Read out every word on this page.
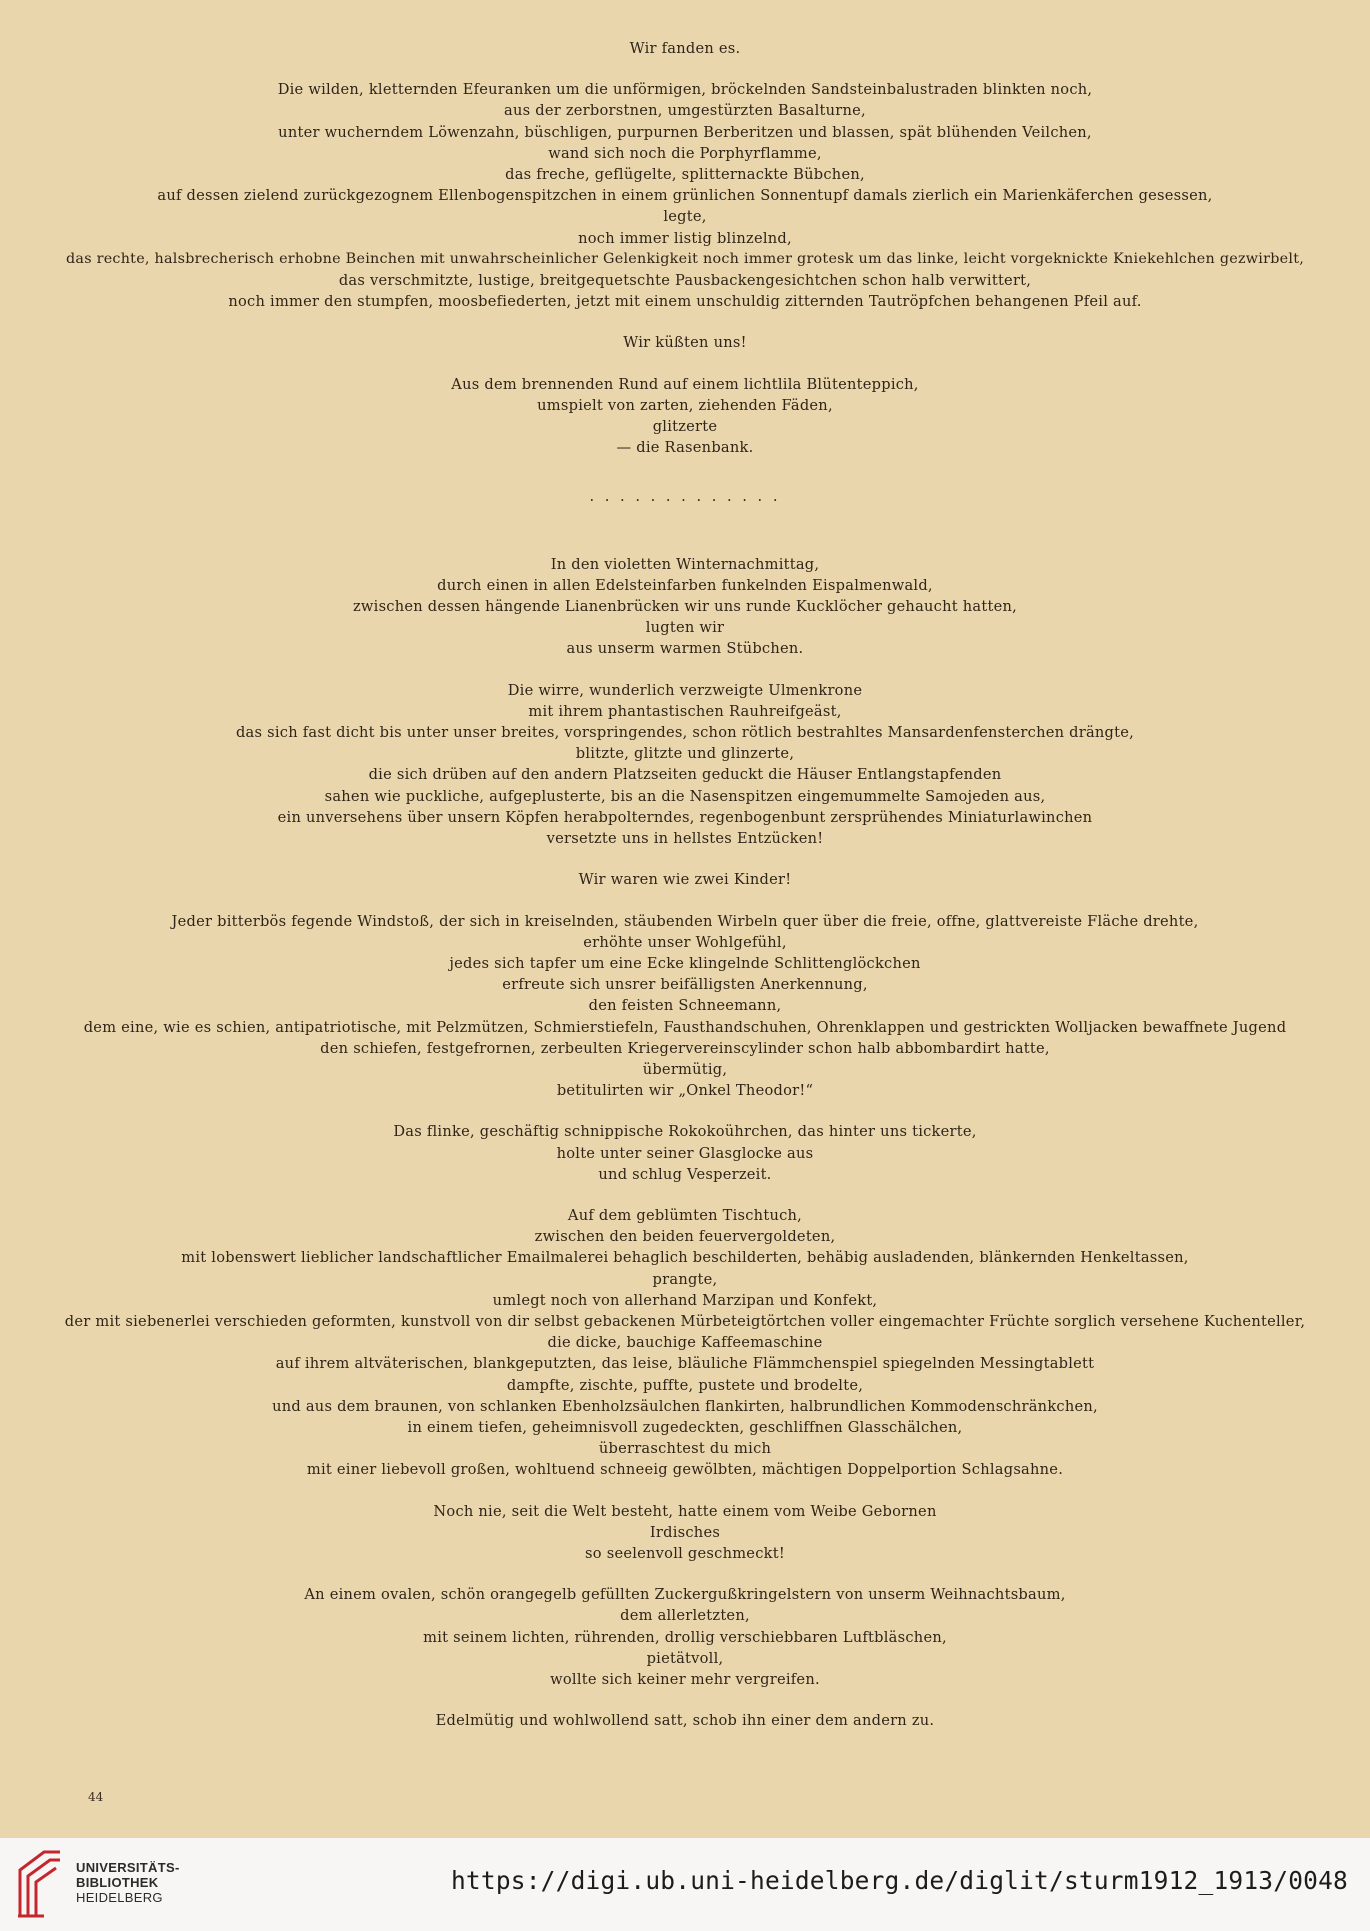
Wir fanden es.
Die wilden, kletternden Efeuranken um die unförmigen, bröckelnden Sandsteinbalustraden blinkten noch,
aus der zerborstnen, umgestürzten Basalturne,
unter wucherndem Löwenzahn, büschligen, purpurnen Berberitzen und blassen, spät blühenden Veilchen,
wand sich noch die Porphyrflamme,
das freche, geflügelte, splitternackte Bübchen,
auf dessen zielend zurückgezognem Ellenbogenspitzchen in einem grünlichen Sonnentupf damals zierlich ein Marienkäferchen gesessen,
legte,
noch immer listig blinzelnd,
das rechte, halsbrecherisch erhobne Beinchen mit unwahrscheinlicher Gelenkigkeit noch immer grotesk um das linke, leicht vorgeknickte Kniekehlchen gezwirbelt,
das verschmitzte, lustige, breitgequetschte Pausbackengesichtchen schon halb verwittert,
noch immer den stumpfen, moosbefiederten, jetzt mit einem unschuldig zitternden Tautröpfchen behangenen Pfeil auf.
Wir küßten uns!
Aus dem brennenden Rund auf einem lichtlila Blütenteppich,
umspielt von zarten, ziehenden Fäden,
glitzerte
— die Rasenbank.
. . . . . . . . . . . . .
In den violetten Winternachmittag,
durch einen in allen Edelsteinfarben funkelnden Eispalmenwald,
zwischen dessen hängende Lianenbrücken wir uns runde Kucklöcher gehaucht hatten,
lugten wir
aus unserm warmen Stübchen.
Die wirre, wunderlich verzweigte Ulmenkrone
mit ihrem phantastischen Rauhreifgeäst,
das sich fast dicht bis unter unser breites, vorspringendes, schon rötlich bestrahltes Mansardenfensterchen drängte,
blitzte, glitzte und glinzerte,
die sich drüben auf den andern Platzseiten geduckt die Häuser Entlangstapfenden
sahen wie puckliche, aufgeplusterte, bis an die Nasenspitzen eingemummelte Samojeden aus,
ein unversehens über unsern Köpfen herabpolterndes, regenbogenbunt zersprühendes Miniaturlawinchen
versetzte uns in hellstes Entzücken!
Wir waren wie zwei Kinder!
Jeder bitterbös fegende Windstoß, der sich in kreiselnden, stäubenden Wirbeln quer über die freie, offne, glattvereiste Fläche drehte,
erhöhte unser Wohlgefühl,
jedes sich tapfer um eine Ecke klingelnde Schlittenglöckchen
erfreute sich unsrer beifälligsten Anerkennung,
den feisten Schneemann,
dem eine, wie es schien, antipatriotische, mit Pelzmützen, Schmierstiefeln, Fausthandschuhen, Ohrenklappen und gestrickten Wolljacken bewaffnete Jugend
den schiefen, festgefrornen, zerbeulten Kriegervereinscylinder schon halb abbombardirt hatte,
übermütig,
betitulirten wir „Onkel Theodor!“
Das flinke, geschäftig schnippische Rokokoührchen, das hinter uns tickerte,
holte unter seiner Glasglocke aus
und schlug Vesperzeit.
Auf dem geblümten Tischtuch,
zwischen den beiden feuervergoldeten,
mit lobenswert lieblicher landschaftlicher Emailmalerei behaglich beschilderten, behäbig ausladenden, blänkernden Henkeltassen,
prangte,
umlegt noch von allerhand Marzipan und Konfekt,
der mit siebenerlei verschieden geformten, kunstvoll von dir selbst gebackenen Mürbeteigtörtchen voller eingemachter Früchte sorglich versehene Kuchenteller,
die dicke, bauchige Kaffeemaschine
auf ihrem altväterischen, blankgeputzten, das leise, bläuliche Flämmchenspiel spiegelnden Messingtablett
dampfte, zischte, puffte, pustete und brodelte,
und aus dem braunen, von schlanken Ebenholzsäulchen flankirten, halbrundlichen Kommodenschränkchen,
in einem tiefen, geheimnisvoll zugedeckten, geschliffnen Glasschälchen,
überraschtest du mich
mit einer liebevoll großen, wohltuend schneeig gewölbten, mächtigen Doppelportion Schlagsahne.
Noch nie, seit die Welt besteht, hatte einem vom Weibe Gebornen
Irdisches
so seelenvoll geschmeckt!
An einem ovalen, schön orangegelb gefüllten Zuckergußkringelstern von unserm Weihnachtsbaum,
dem allerletzten,
mit seinem lichten, rührenden, drollig verschiebbaren Luftbläschen,
pietätvoll,
wollte sich keiner mehr vergreifen.
Edelmütig und wohlwollend satt, schob ihn einer dem andern zu.
44
UNIVERSITÄTS-
BIBLIOTHEK
HEIDELBERG
https://digi.ub.uni-heidelberg.de/diglit/sturm1912_1913/0048
